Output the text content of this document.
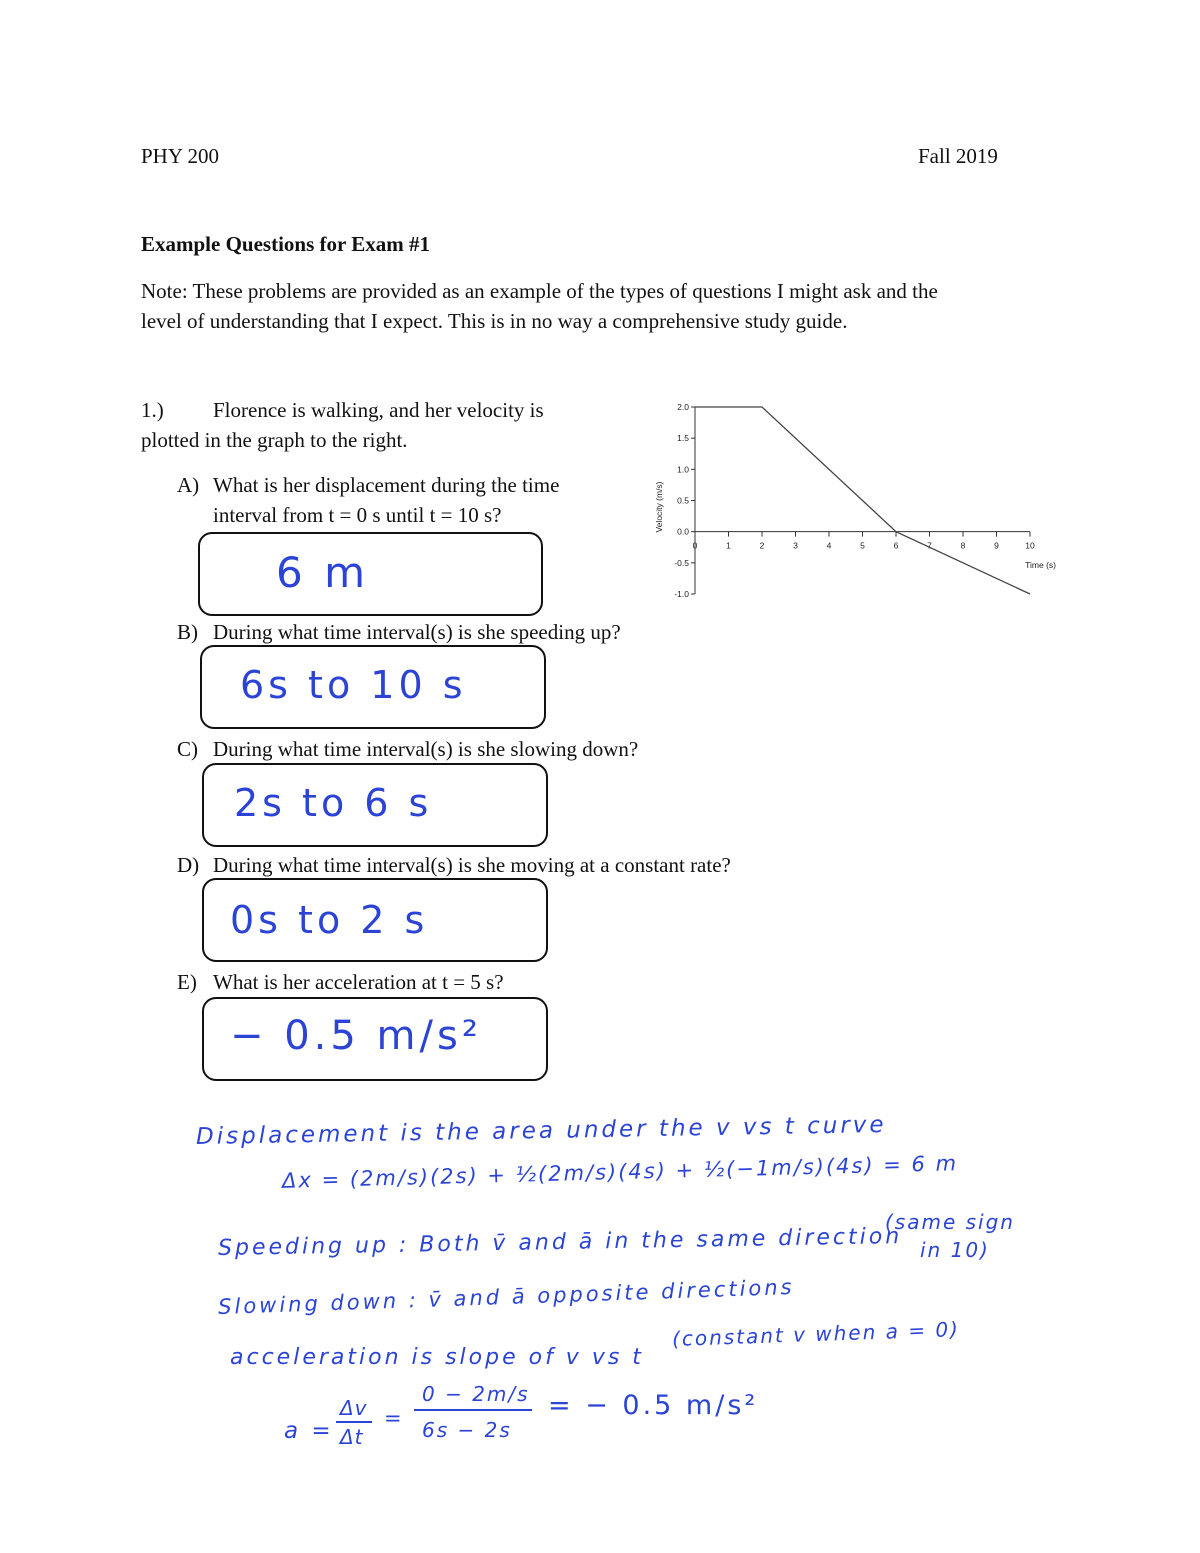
PHY 200	Fall 2019
Example Questions for Exam #1
Note: These problems are provided as an example of the types of questions I might ask and the
level of understanding that I expect. This is in no way a comprehensive study guide.
1.) Florence is walking, and her velocity is
plotted in the graph to the right.
A) What is her displacement during the time
interval from t = 0 s until t = 10 s?
6 m
B) During what time interval(s) is she speeding up?
6s to 10 s
C) During what time interval(s) is she slowing down?
2s to 6 s
D) During what time interval(s) is she moving at a constant rate?
0s to 2 s
E) What is her acceleration at t = 5 s?
− 0.5 m/s²
2.0
1.5
1.0
0.5
0.0
-0.5
-1.0
0	1	2	3	4	5	6	7	8	9	10
Velocity (m/s)
Time (s)
Displacement is the area under the v vs t curve
Δx = (2m/s)(2s) + ½(2m/s)(4s) + ½(−1m/s)(4s) = 6 m
Speeding up : Both v̄ and ā in the same direction
(same sign
in 10)
Slowing down : v̄ and ā opposite directions
acceleration is slope of v vs t
(constant v when a = 0)
a =
Δv
Δt
=
0 − 2m/s
6s − 2s
= − 0.5 m/s²
